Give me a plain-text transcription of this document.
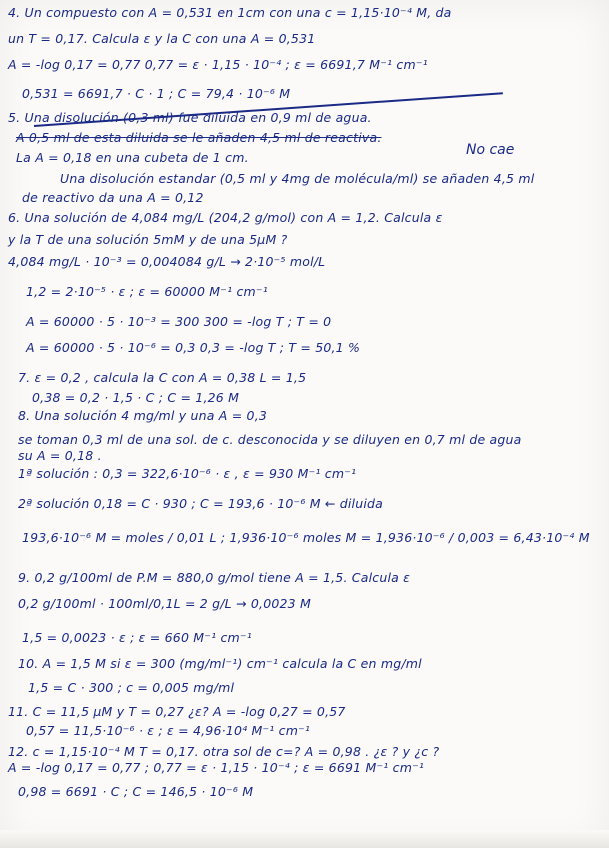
4. Un compuesto con A = 0,531 en 1cm con una c = 1,15·10⁻⁴ M, da
un T = 0,17. Calcula ε y la C con una A = 0,531
A = -log 0,17 = 0,77 0,77 = ε · 1,15 · 10⁻⁴ ; ε = 6691,7 M⁻¹ cm⁻¹
0,531 = 6691,7 · C · 1 ; C = 79,4 · 10⁻⁶ M
5. Una disolución (0,3 ml) fue diluida en 0,9 ml de agua.
A 0,5 ml de esta diluida se le añaden 4,5 ml de reactiva.
No cae
La A = 0,18 en una cubeta de 1 cm.
Una disolución estandar (0,5 ml y 4mg de molécula/ml) se añaden 4,5 ml
de reactivo da una A = 0,12
6. Una solución de 4,084 mg/L (204,2 g/mol) con A = 1,2. Calcula ε
y la T de una solución 5mM y de una 5µM ?
4,084 mg/L · 10⁻³ = 0,004084 g/L → 2·10⁻⁵ mol/L
1,2 = 2·10⁻⁵ · ε ; ε = 60000 M⁻¹ cm⁻¹
A = 60000 · 5 · 10⁻³ = 300 300 = -log T ; T = 0
A = 60000 · 5 · 10⁻⁶ = 0,3 0,3 = -log T ; T = 50,1 %
7. ε = 0,2 , calcula la C con A = 0,38 L = 1,5
0,38 = 0,2 · 1,5 · C ; C = 1,26 M
8. Una solución 4 mg/ml y una A = 0,3
se toman 0,3 ml de una sol. de c. desconocida y se diluyen en 0,7 ml de agua
su A = 0,18 .
1ª solución : 0,3 = 322,6·10⁻⁶ · ε , ε = 930 M⁻¹ cm⁻¹
2ª solución 0,18 = C · 930 ; C = 193,6 · 10⁻⁶ M ← diluida
193,6·10⁻⁶ M = moles / 0,01 L ; 1,936·10⁻⁶ moles M = 1,936·10⁻⁶ / 0,003 = 6,43·10⁻⁴ M
9. 0,2 g/100ml de P.M = 880,0 g/mol tiene A = 1,5. Calcula ε
0,2 g/100ml · 100ml/0,1L = 2 g/L → 0,0023 M
1,5 = 0,0023 · ε ; ε = 660 M⁻¹ cm⁻¹
10. A = 1,5 M si ε = 300 (mg/ml⁻¹) cm⁻¹ calcula la C en mg/ml
1,5 = C · 300 ; c = 0,005 mg/ml
11. C = 11,5 µM y T = 0,27 ¿ε? A = -log 0,27 = 0,57
0,57 = 11,5·10⁻⁶ · ε ; ε = 4,96·10⁴ M⁻¹ cm⁻¹
12. c = 1,15·10⁻⁴ M T = 0,17. otra sol de c=? A = 0,98 . ¿ε ? y ¿c ?
A = -log 0,17 = 0,77 ; 0,77 = ε · 1,15 · 10⁻⁴ ; ε = 6691 M⁻¹ cm⁻¹
0,98 = 6691 · C ; C = 146,5 · 10⁻⁶ M
